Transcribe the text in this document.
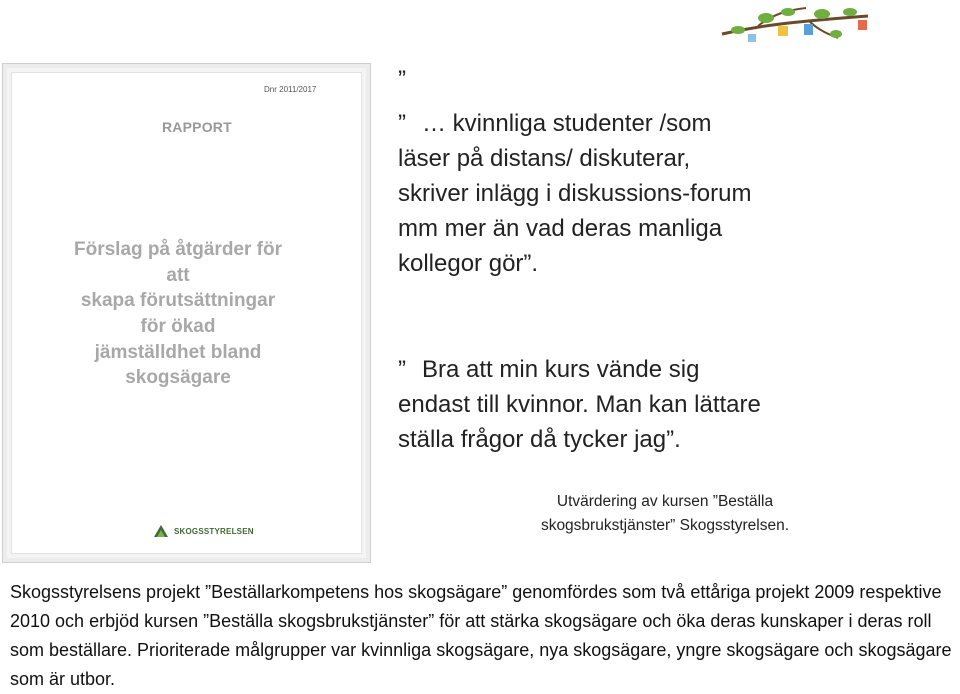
Dnr 2011/2017
RAPPORT
Förslag på åtgärder för att
skapa förutsättningar för ökad
jämställdhet bland
skogsägare
SKOGSSTYRELSEN
”
” … kvinnliga studenter /som läser på distans/ diskuterar, skriver inlägg i diskussions-forum mm mer än vad deras manliga kollegor gör”.
” Bra att min kurs vände sig endast till kvinnor. Man kan lättare ställa frågor då tycker jag”.
Utvärdering av kursen ”Beställa skogsbrukstjänster” Skogsstyrelsen.
Skogsstyrelsens projekt ”Beställarkompetens hos skogsägare” genomfördes som två ettåriga projekt 2009 respektive 2010 och erbjöd kursen ”Beställa skogsbrukstjänster” för att stärka skogsägare och öka deras kunskaper i deras roll som beställare. Prioriterade målgrupper var kvinnliga skogsägare, nya skogsägare, yngre skogsägare och skogsägare som är utbor.
